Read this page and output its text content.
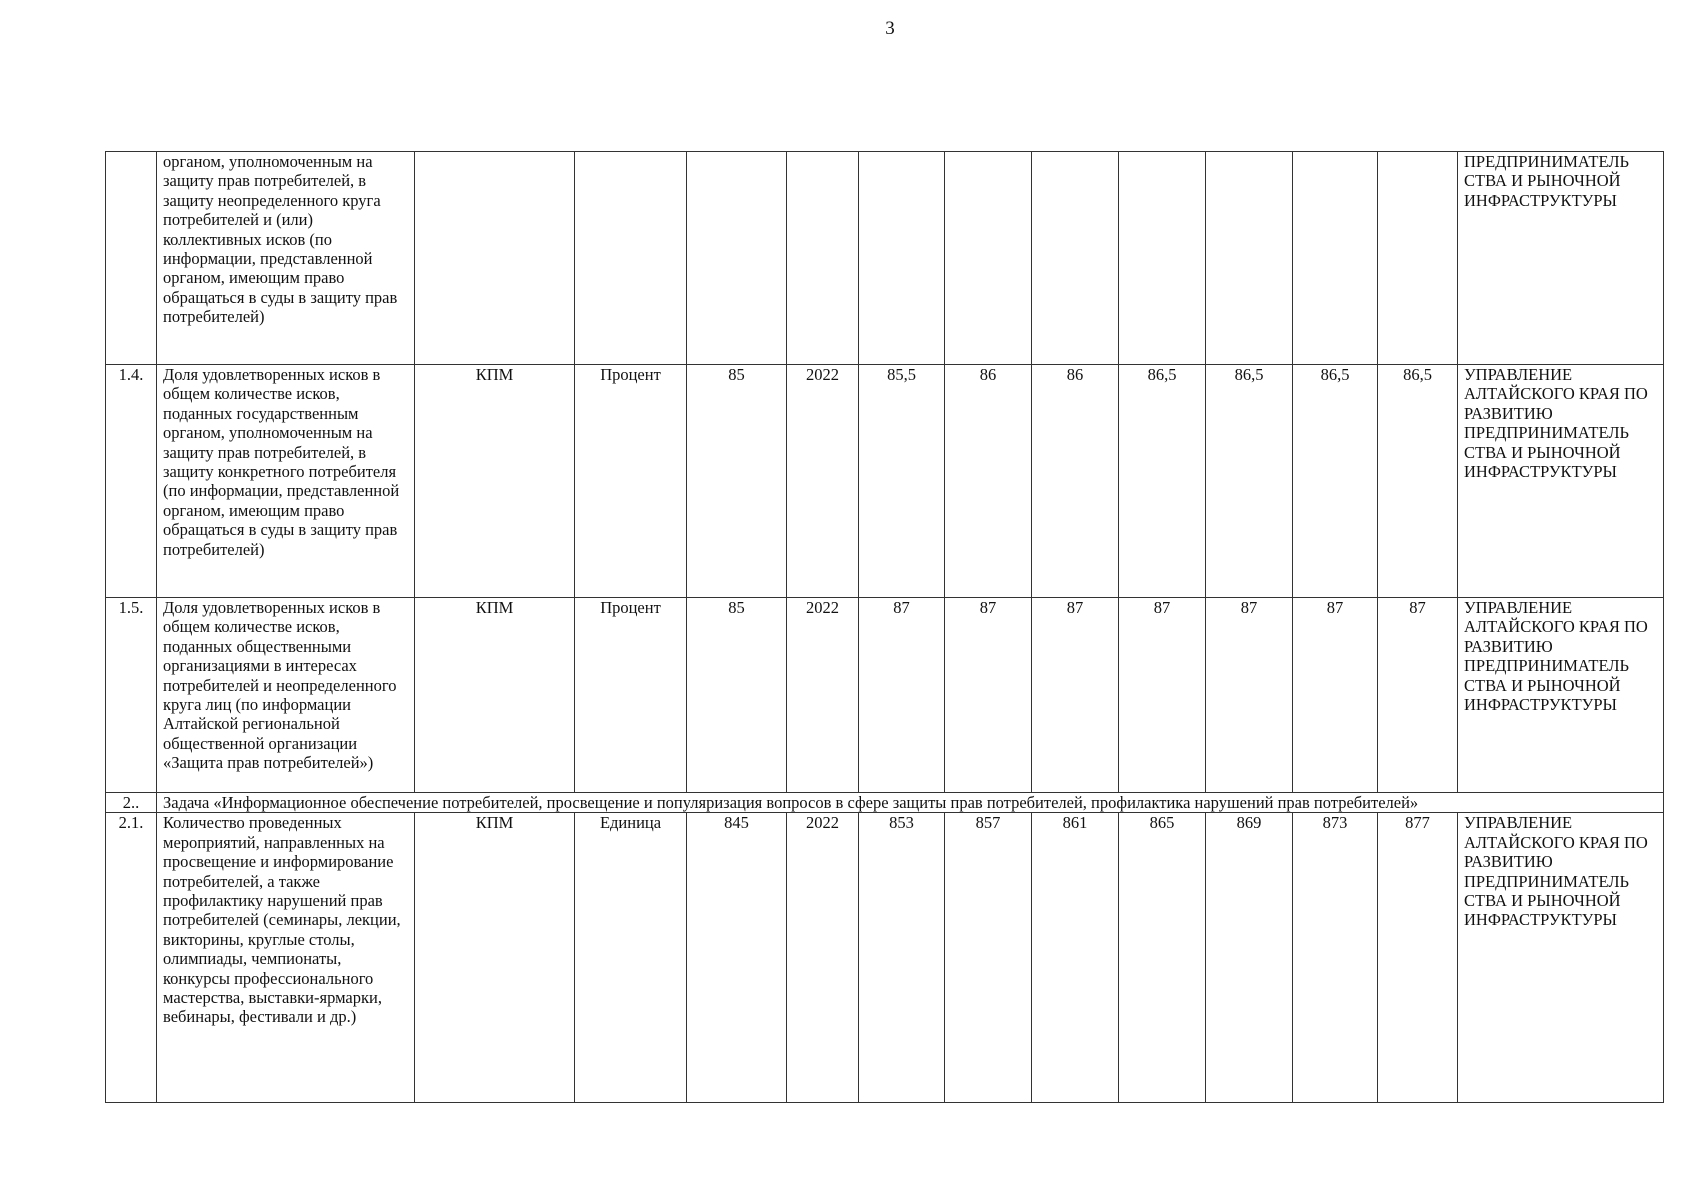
3
	органом, уполномоченным на защиту прав потребителей, в защиту неопределенного круга потребителей и (или) коллективных исков (по информации, представленной органом, имеющим право обращаться в суды в защиту прав потребителей)												ПРЕДПРИНИМАТЕЛЬ СТВА И РЫНОЧНОЙ ИНФРАСТРУКТУРЫ
1.4.	Доля удовлетворенных исков в общем количестве исков, поданных государственным органом, уполномоченным на защиту прав потребителей, в защиту конкретного потребителя (по информации, представленной органом, имеющим право обращаться в суды в защиту прав потребителей)	КПМ	Процент	85	2022	85,5	86	86	86,5	86,5	86,5	86,5	УПРАВЛЕНИЕ АЛТАЙСКОГО КРАЯ ПО РАЗВИТИЮ ПРЕДПРИНИМАТЕЛЬ СТВА И РЫНОЧНОЙ ИНФРАСТРУКТУРЫ
1.5.	Доля удовлетворенных исков в общем количестве исков, поданных общественными организациями в интересах потребителей и неопределенного круга лиц (по информации Алтайской региональной общественной организации «Защита прав потребителей»)	КПМ	Процент	85	2022	87	87	87	87	87	87	87	УПРАВЛЕНИЕ АЛТАЙСКОГО КРАЯ ПО РАЗВИТИЮ ПРЕДПРИНИМАТЕЛЬ СТВА И РЫНОЧНОЙ ИНФРАСТРУКТУРЫ
2..	Задача «Информационное обеспечение потребителей, просвещение и популяризация вопросов в сфере защиты прав потребителей, профилактика нарушений прав потребителей»												
2.1.	Количество проведенных мероприятий, направленных на просвещение и информирование потребителей, а также профилактику нарушений прав потребителей (семинары, лекции, викторины, круглые столы, олимпиады, чемпионаты, конкурсы профессионального мастерства, выставки-ярмарки, вебинары, фестивали и др.)	КПМ	Единица	845	2022	853	857	861	865	869	873	877	УПРАВЛЕНИЕ АЛТАЙСКОГО КРАЯ ПО РАЗВИТИЮ ПРЕДПРИНИМАТЕЛЬ СТВА И РЫНОЧНОЙ ИНФРАСТРУКТУРЫ
